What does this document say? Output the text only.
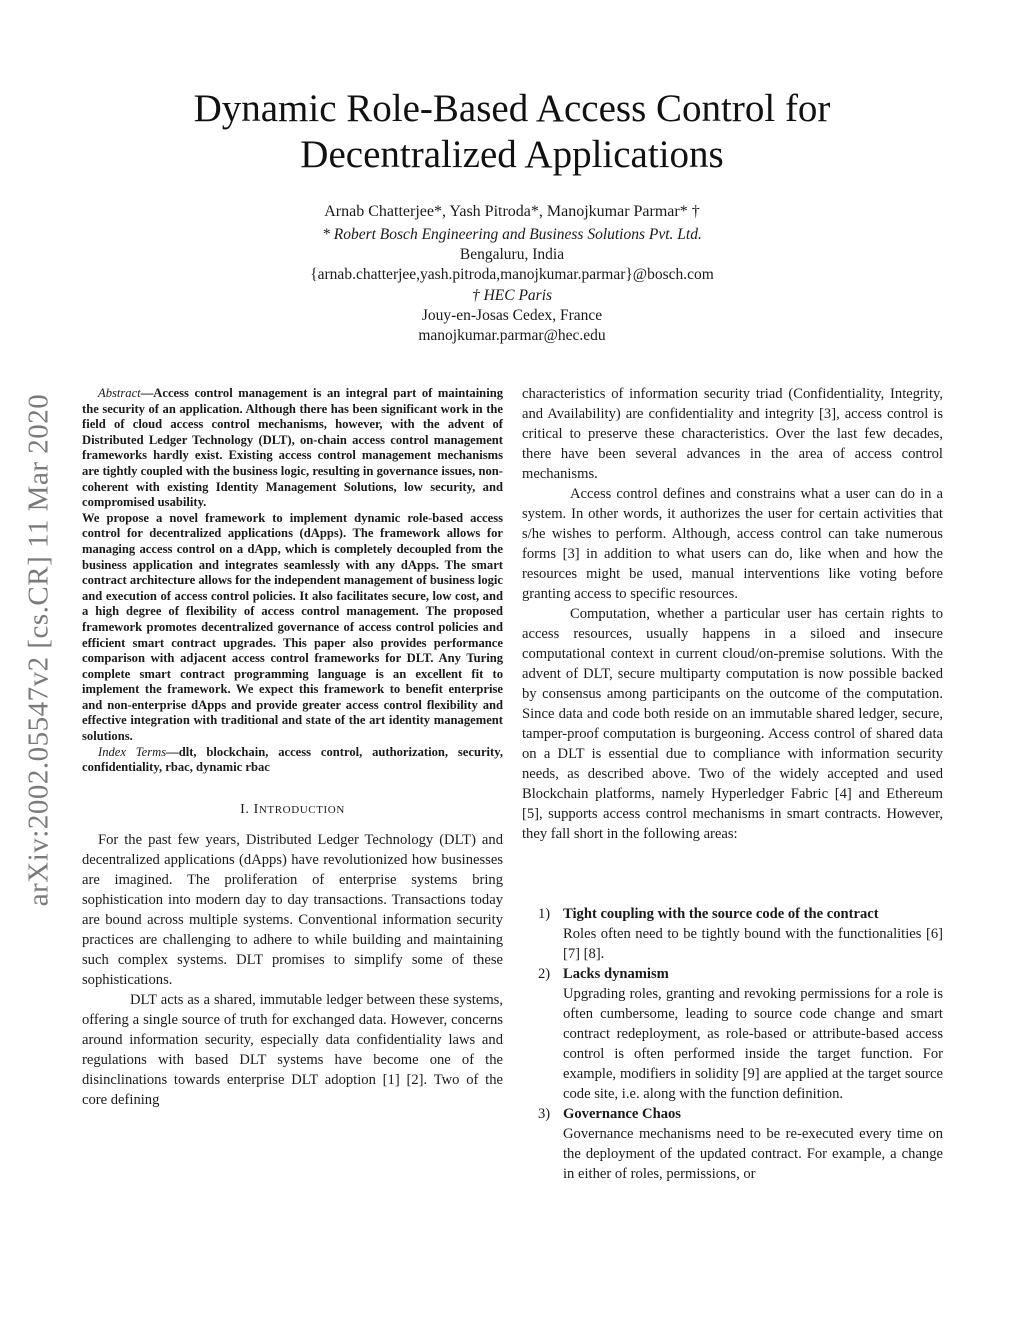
arXiv:2002.05547v2 [cs.CR] 11 Mar 2020
Dynamic Role-Based Access Control for
Decentralized Applications
Arnab Chatterjee*, Yash Pitroda*, Manojkumar Parmar* †
* Robert Bosch Engineering and Business Solutions Pvt. Ltd.
Bengaluru, India
{arnab.chatterjee,yash.pitroda,manojkumar.parmar}@bosch.com
† HEC Paris
Jouy-en-Josas Cedex, France
manojkumar.parmar@hec.edu

Abstract—Access control management is an integral part of maintaining the security of an application. Although there has been significant work in the field of cloud access control mechanisms, however, with the advent of Distributed Ledger Technology (DLT), on-chain access control management frameworks hardly exist. Existing access control management mechanisms are tightly coupled with the business logic, resulting in governance issues, non-coherent with existing Identity Management Solutions, low security, and compromised usability.

We propose a novel framework to implement dynamic role-based access control for decentralized applications (dApps). The framework allows for managing access control on a dApp, which is completely decoupled from the business application and integrates seamlessly with any dApps. The smart contract architecture allows for the independent management of business logic and execution of access control policies. It also facilitates secure, low cost, and a high degree of flexibility of access control management. The proposed framework promotes decentralized governance of access control policies and efficient smart contract upgrades. This paper also provides performance comparison with adjacent access control frameworks for DLT. Any Turing complete smart contract programming language is an excellent fit to implement the framework. We expect this framework to benefit enterprise and non-enterprise dApps and provide greater access control flexibility and effective integration with traditional and state of the art identity management solutions.

Index Terms—dlt, blockchain, access control, authorization, security, confidentiality, rbac, dynamic rbac

I. INTRODUCTION

For the past few years, Distributed Ledger Technology (DLT) and decentralized applications (dApps) have revolutionized how businesses are imagined. The proliferation of enterprise systems bring sophistication into modern day to day transactions. Transactions today are bound across multiple systems. Conventional information security practices are challenging to adhere to while building and maintaining such complex systems. DLT promises to simplify some of these sophistications.

DLT acts as a shared, immutable ledger between these systems, offering a single source of truth for exchanged data. However, concerns around information security, especially data confidentiality laws and regulations with based DLT systems have become one of the disinclinations towards enterprise DLT adoption [1] [2]. Two of the core defining

characteristics of information security triad (Confidentiality, Integrity, and Availability) are confidentiality and integrity [3], access control is critical to preserve these characteristics. Over the last few decades, there have been several advances in the area of access control mechanisms.

Access control defines and constrains what a user can do in a system. In other words, it authorizes the user for certain activities that s/he wishes to perform. Although, access control can take numerous forms [3] in addition to what users can do, like when and how the resources might be used, manual interventions like voting before granting access to specific resources.

Computation, whether a particular user has certain rights to access resources, usually happens in a siloed and insecure computational context in current cloud/on-premise solutions. With the advent of DLT, secure multiparty computation is now possible backed by consensus among participants on the outcome of the computation. Since data and code both reside on an immutable shared ledger, secure, tamper-proof computation is burgeoning. Access control of shared data on a DLT is essential due to compliance with information security needs, as described above. Two of the widely accepted and used Blockchain platforms, namely Hyperledger Fabric [4] and Ethereum [5], supports access control mechanisms in smart contracts. However, they fall short in the following areas:

1) Tight coupling with the source code of the contract
Roles often need to be tightly bound with the functionalities [6] [7] [8].
2) Lacks dynamism
Upgrading roles, granting and revoking permissions for a role is often cumbersome, leading to source code change and smart contract redeployment, as role-based or attribute-based access control is often performed inside the target function. For example, modifiers in solidity [9] are applied at the target source code site, i.e. along with the function definition.
3) Governance Chaos
Governance mechanisms need to be re-executed every time on the deployment of the updated contract. For example, a change in either of roles, permissions, or
